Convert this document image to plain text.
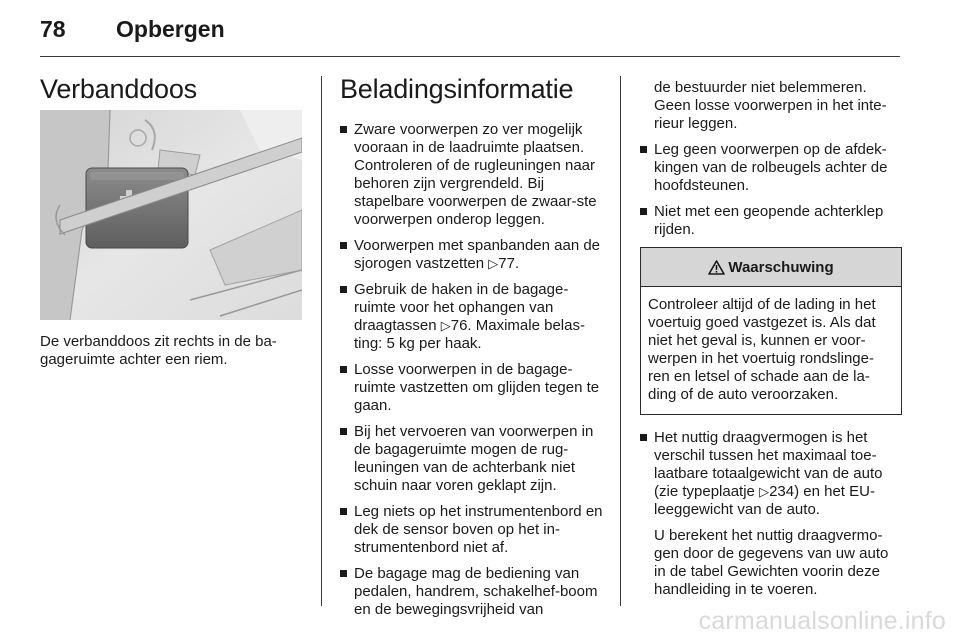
78 Opbergen
Verbanddoos
De verbanddoos zit rechts in de ba-gageruimte achter een riem.
Beladingsinformatie
Zware voorwerpen zo ver mogelijk vooraan in de laadruimte plaatsen. Controleren of de rugleuningen naar behoren zijn vergrendeld. Bij stapelbare voorwerpen de zwaar-ste voorwerpen onderop leggen.
Voorwerpen met spanbanden aan de sjorogen vastzetten ▷77.
Gebruik de haken in de bagage-ruimte voor het ophangen van draagtassen ▷76. Maximale belas-ting: 5 kg per haak.
Losse voorwerpen in de bagage-ruimte vastzetten om glijden tegen te gaan.
Bij het vervoeren van voorwerpen in de bagageruimte mogen de rug-leuningen van de achterbank niet schuin naar voren geklapt zijn.
Leg niets op het instrumentenbord en dek de sensor boven op het in-strumentenbord niet af.
De bagage mag de bediening van pedalen, handrem, schakelhef-boom en de bewegingsvrijheid van
de bestuurder niet belemmeren. Geen losse voorwerpen in het inte-rieur leggen.
Leg geen voorwerpen op de afdek-kingen van de rolbeugels achter de hoofdsteunen.
Niet met een geopende achterklep rijden.
Waarschuwing
Controleer altijd of de lading in het voertuig goed vastgezet is. Als dat niet het geval is, kunnen er voor-werpen in het voertuig rondslinge-ren en letsel of schade aan de la-ding of de auto veroorzaken.
Het nuttig draagvermogen is het verschil tussen het maximaal toe-laatbare totaalgewicht van de auto (zie typeplaatje ▷234) en het EU-leeggewicht van de auto.
U berekent het nuttig draagvermo-gen door de gegevens van uw auto in de tabel Gewichten voorin deze handleiding in te voeren.
carmanualsonline.info
